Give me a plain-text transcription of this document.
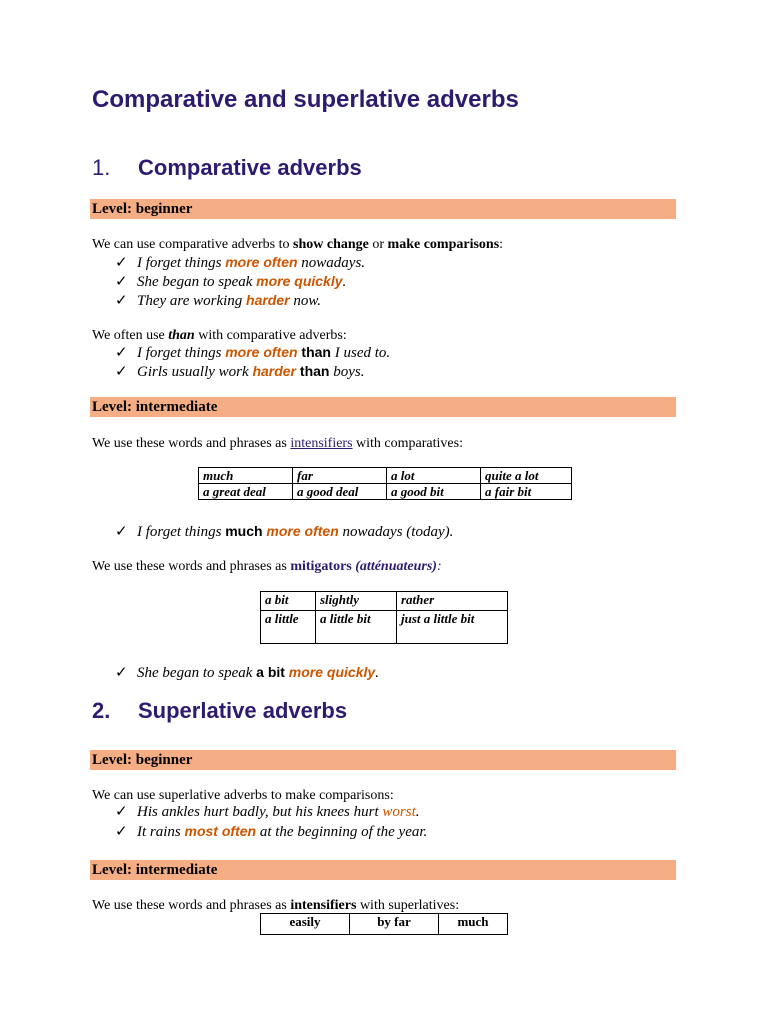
Comparative and superlative adverbs
1. Comparative adverbs
Level: beginner
We can use comparative adverbs to show change or make comparisons:
✓ I forget things more often nowadays.
✓ She began to speak more quickly.
✓ They are working harder now.
We often use than with comparative adverbs:
✓ I forget things more often than I used to.
✓ Girls usually work harder than boys.
Level: intermediate
We use these words and phrases as intensifiers with comparatives:
much	far	a lot	quite a lot
a great deal	a good deal	a good bit	a fair bit
✓ I forget things much more often nowadays (today).
We use these words and phrases as mitigators (atténuateurs):
a bit	slightly	rather
a little	a little bit	just a little bit
✓ She began to speak a bit more quickly.
2. Superlative adverbs
Level: beginner
We can use superlative adverbs to make comparisons:
✓ His ankles hurt badly, but his knees hurt worst.
✓ It rains most often at the beginning of the year.
Level: intermediate
We use these words and phrases as intensifiers with superlatives:
easily	by far	much
